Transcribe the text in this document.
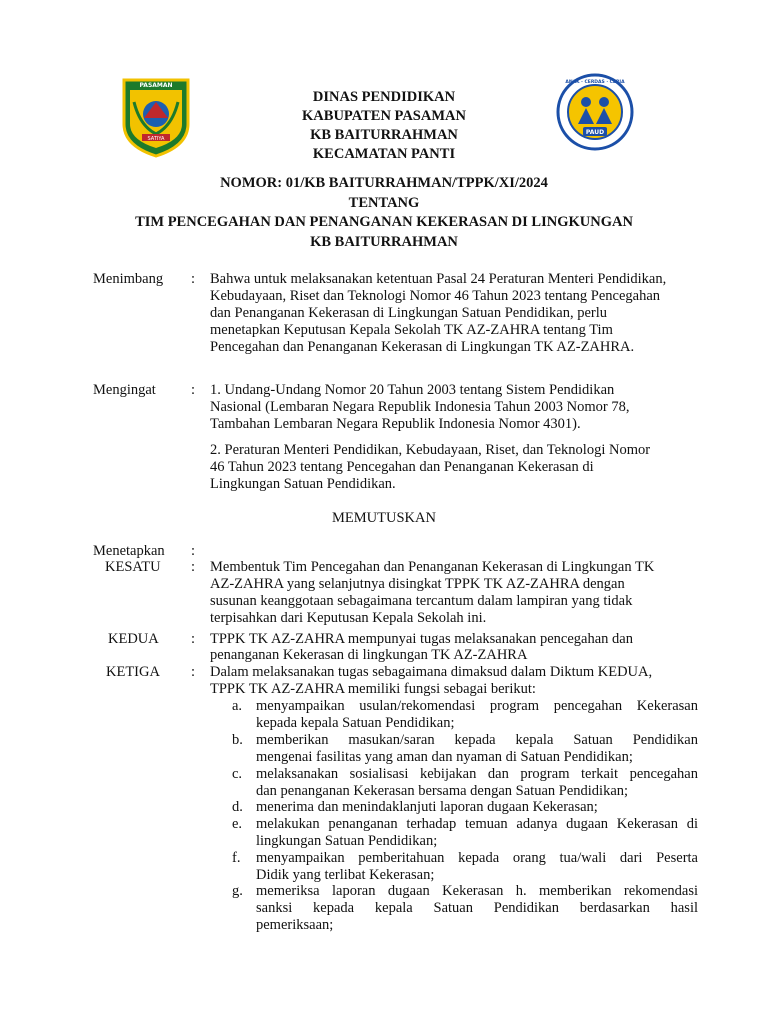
PASAMAN
SATIYA
PAUD
ANAK · CERDAS · CERIA
DINAS PENDIDIKAN
KABUPATEN PASAMAN
KB BAITURRAHMAN
KECAMATAN PANTI
NOMOR: 01/KB BAITURRAHMAN/TPPK/XI/2024
TENTANG
TIM PENCEGAHAN DAN PENANGANAN KEKERASAN DI LINGKUNGAN
KB BAITURRAHMAN
Menimbang : Bahwa untuk melaksanakan ketentuan Pasal 24 Peraturan Menteri Pendidikan,
Kebudayaan, Riset dan Teknologi Nomor 46 Tahun 2023 tentang Pencegahan
dan Penanganan Kekerasan di Lingkungan Satuan Pendidikan, perlu
menetapkan Keputusan Kepala Sekolah TK AZ-ZAHRA tentang Tim
Pencegahan dan Penanganan Kekerasan di Lingkungan TK AZ-ZAHRA.
Mengingat : 1. Undang-Undang Nomor 20 Tahun 2003 tentang Sistem Pendidikan
Nasional (Lembaran Negara Republik Indonesia Tahun 2003 Nomor 78,
Tambahan Lembaran Negara Republik Indonesia Nomor 4301).
2. Peraturan Menteri Pendidikan, Kebudayaan, Riset, dan Teknologi Nomor
46 Tahun 2023 tentang Pencegahan dan Penanganan Kekerasan di
Lingkungan Satuan Pendidikan.
MEMUTUSKAN
Menetapkan :
KESATU : Membentuk Tim Pencegahan dan Penanganan Kekerasan di Lingkungan TK
AZ-ZAHRA yang selanjutnya disingkat TPPK TK AZ-ZAHRA dengan
susunan keanggotaan sebagaimana tercantum dalam lampiran yang tidak
terpisahkan dari Keputusan Kepala Sekolah ini.
KEDUA : TPPK TK AZ-ZAHRA mempunyai tugas melaksanakan pencegahan dan
penanganan Kekerasan di lingkungan TK AZ-ZAHRA
KETIGA : Dalam melaksanakan tugas sebagaimana dimaksud dalam Diktum KEDUA,
TPPK TK AZ-ZAHRA memiliki fungsi sebagai berikut:
a. menyampaikan usulan/rekomendasi program pencegahan Kekerasan
kepada kepala Satuan Pendidikan;
b. memberikan masukan/saran kepada kepala Satuan Pendidikan
mengenai fasilitas yang aman dan nyaman di Satuan Pendidikan;
c. melaksanakan sosialisasi kebijakan dan program terkait pencegahan
dan penanganan Kekerasan bersama dengan Satuan Pendidikan;
d. menerima dan menindaklanjuti laporan dugaan Kekerasan;
e. melakukan penanganan terhadap temuan adanya dugaan Kekerasan di
lingkungan Satuan Pendidikan;
f. menyampaikan pemberitahuan kepada orang tua/wali dari Peserta
Didik yang terlibat Kekerasan;
g. memeriksa laporan dugaan Kekerasan h. memberikan rekomendasi
sanksi kepada kepala Satuan Pendidikan berdasarkan hasil
pemeriksaan;
